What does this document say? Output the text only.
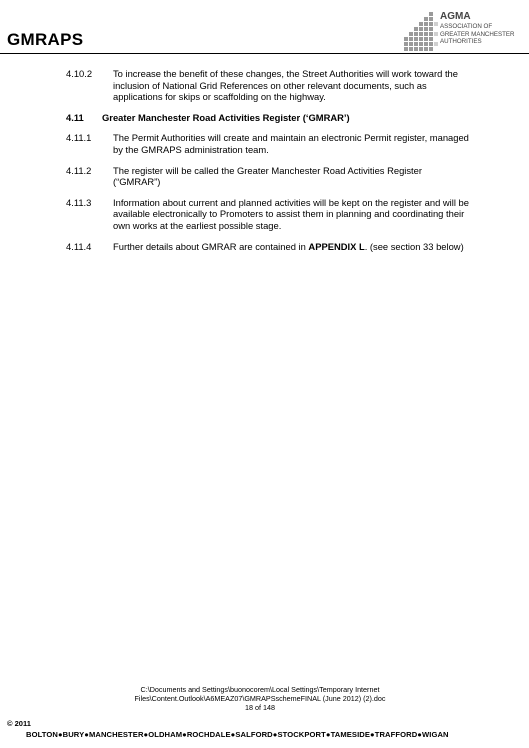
GMRAPS
AGMA
ASSOCIATION OF
GREATER MANCHESTER
AUTHORITIES
4.10.2	To increase the benefit of these changes, the Street Authorities will work toward the inclusion of National Grid References on other relevant documents, such as applications for skips or scaffolding on the highway.
4.11	Greater Manchester Road Activities Register (‘GMRAR’)
4.11.1	The Permit Authorities will create and maintain an electronic Permit register, managed by the GMRAPS administration team.
4.11.2	The register will be called the Greater Manchester Road Activities Register (“GMRAR”)
4.11.3	Information about current and planned activities will be kept on the register and will be available electronically to Promoters to assist them in planning and coordinating their own works at the earliest possible stage.
4.11.4	Further details about GMRAR are contained in APPENDIX L. (see section 33 below)
C:\Documents and Settings\buonocorem\Local Settings\Temporary Internet
Files\Content.Outlook\A6MEAZ07\GMRAPSschemeFINAL (June 2012) (2).doc
18 of 148
© 2011
BOLTON●BURY●MANCHESTER●OLDHAM●ROCHDALE●SALFORD●STOCKPORT●TAMESIDE●TRAFFORD●WIGAN
